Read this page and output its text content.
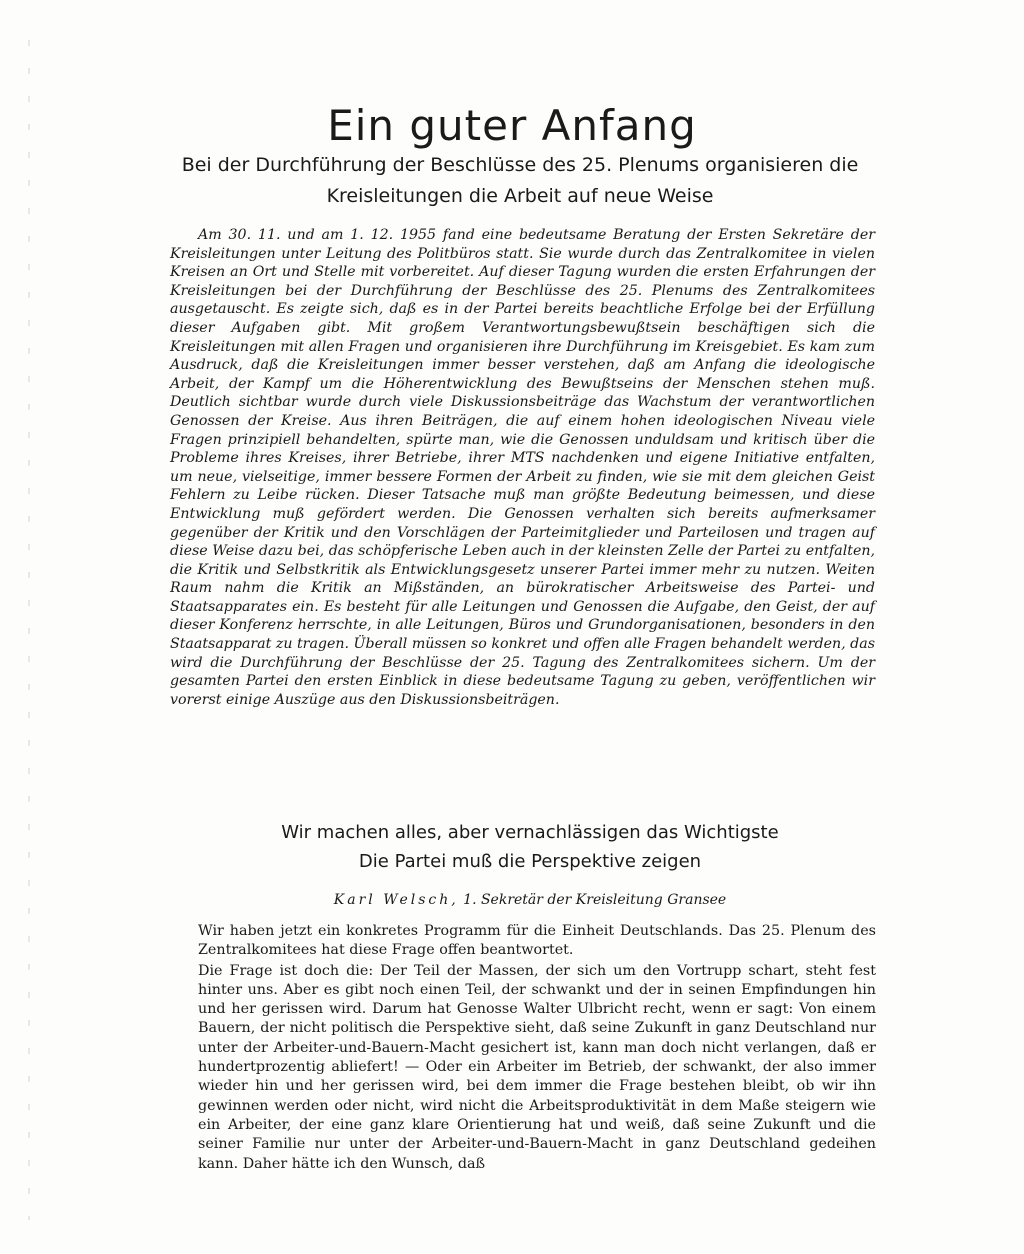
Ein guter Anfang
Bei der Durchführung der Beschlüsse des 25. Plenums organisieren die
Kreisleitungen die Arbeit auf neue Weise

Am 30. 11. und am 1. 12. 1955 fand eine bedeutsame Beratung der Ersten Sekretäre der Kreisleitungen unter Leitung des Politbüros statt. Sie wurde durch das Zentralkomitee in vielen Kreisen an Ort und Stelle mit vorbereitet. Auf dieser Tagung wurden die ersten Erfahrungen der Kreisleitungen bei der Durchführung der Beschlüsse des 25. Plenums des Zentralkomitees ausgetauscht. Es zeigte sich, daß es in der Partei bereits beachtliche Erfolge bei der Erfüllung dieser Aufgaben gibt. Mit großem Verantwortungsbewußtsein beschäftigen sich die Kreisleitungen mit allen Fragen und organisieren ihre Durchführung im Kreisgebiet. Es kam zum Ausdruck, daß die Kreisleitungen immer besser verstehen, daß am Anfang die ideologische Arbeit, der Kampf um die Höherentwicklung des Bewußtseins der Menschen stehen muß. Deutlich sichtbar wurde durch viele Diskussionsbeiträge das Wachstum der verantwortlichen Genossen der Kreise. Aus ihren Beiträgen, die auf einem hohen ideologischen Niveau viele Fragen prinzipiell behandelten, spürte man, wie die Genossen unduldsam und kritisch über die Probleme ihres Kreises, ihrer Betriebe, ihrer MTS nachdenken und eigene Initiative entfalten, um neue, vielseitige, immer bessere Formen der Arbeit zu finden, wie sie mit dem gleichen Geist Fehlern zu Leibe rücken. Dieser Tatsache muß man größte Bedeutung beimessen, und diese Entwicklung muß gefördert werden. Die Genossen verhalten sich bereits aufmerksamer gegenüber der Kritik und den Vorschlägen der Parteimitglieder und Parteilosen und tragen auf diese Weise dazu bei, das schöpferische Leben auch in der kleinsten Zelle der Partei zu entfalten, die Kritik und Selbstkritik als Entwicklungsgesetz unserer Partei immer mehr zu nutzen. Weiten Raum nahm die Kritik an Mißständen, an bürokratischer Arbeitsweise des Partei- und Staatsapparates ein. Es besteht für alle Leitungen und Genossen die Aufgabe, den Geist, der auf dieser Konferenz herrschte, in alle Leitungen, Büros und Grundorganisationen, besonders in den Staatsapparat zu tragen. Überall müssen so konkret und offen alle Fragen behandelt werden, das wird die Durchführung der Beschlüsse der 25. Tagung des Zentralkomitees sichern. Um der gesamten Partei den ersten Einblick in diese bedeutsame Tagung zu geben, veröffentlichen wir vorerst einige Auszüge aus den Diskussionsbeiträgen.

Wir machen alles, aber vernachlässigen das Wichtigste
Die Partei muß die Perspektive zeigen
Karl Welsch, 1. Sekretär der Kreisleitung Gransee

Wir haben jetzt ein konkretes Programm für die Einheit Deutschlands. Das 25. Plenum des Zentralkomitees hat diese Frage offen beantwortet.

Die Frage ist doch die: Der Teil der Massen, der sich um den Vortrupp schart, steht fest hinter uns. Aber es gibt noch einen Teil, der schwankt und der in seinen Empfindungen hin und her gerissen wird. Darum hat Genosse Walter Ulbricht recht, wenn er sagt: Von einem Bauern, der nicht politisch die Perspektive sieht, daß seine Zukunft in ganz Deutschland nur unter der Arbeiter-und-Bauern-Macht gesichert ist, kann man doch nicht verlangen, daß er hundertprozentig abliefert! — Oder ein Arbeiter im Betrieb, der schwankt, der also immer wieder hin und her gerissen wird, bei dem immer die Frage bestehen bleibt, ob wir ihn gewinnen werden oder nicht, wird nicht die Arbeitsproduktivität in dem Maße steigern wie ein Arbeiter, der eine ganz klare Orientierung hat und weiß, daß seine Zukunft und die seiner Familie nur unter der Arbeiter-und-Bauern-Macht in ganz Deutschland gedeihen kann. Daher hätte ich den Wunsch, daß
